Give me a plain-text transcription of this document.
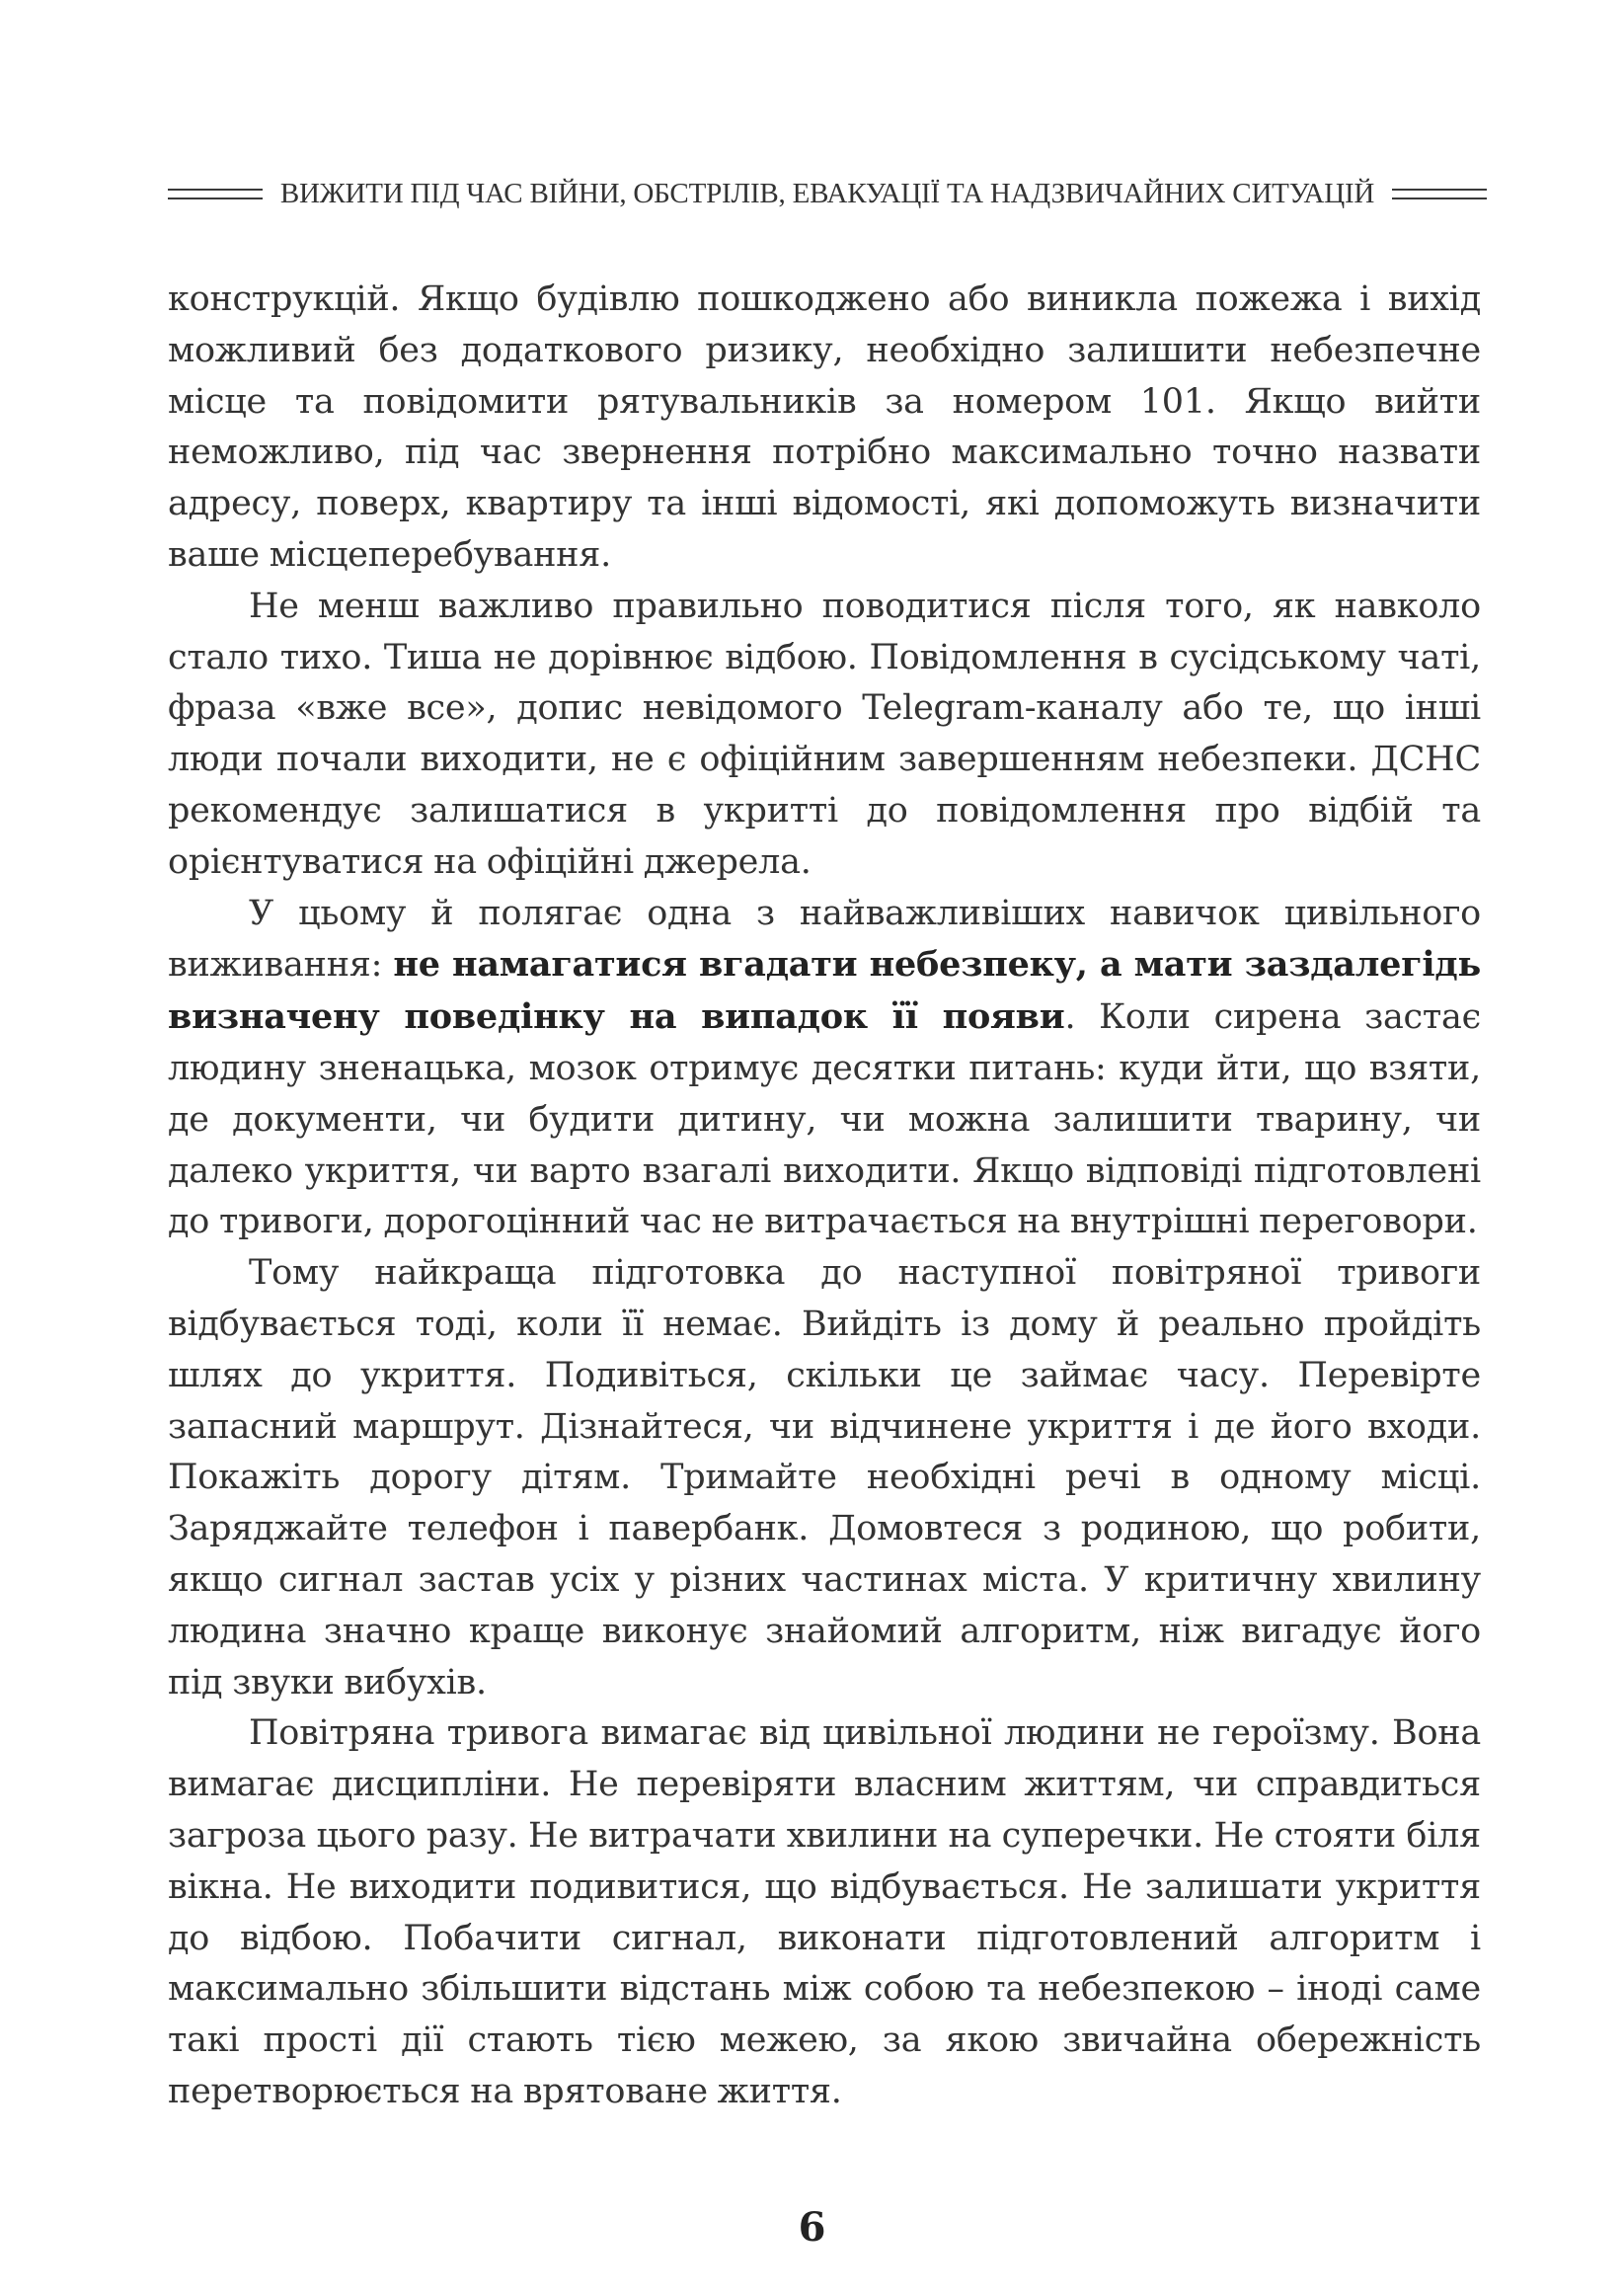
ВИЖИТИ ПІД ЧАС ВІЙНИ, ОБСТРІЛІВ, ЕВАКУАЦІЇ ТА НАДЗВИЧАЙНИХ СИТУАЦІЙ

конструкцій. Якщо будівлю пошкоджено або виникла пожежа і вихід можливий без додаткового ризику, необхідно залишити небезпечне місце та повідомити рятувальників за номером 101. Якщо вийти неможливо, під час звернення потрібно максимально точно назвати адресу, поверх, квартиру та інші відомості, які допоможуть визначити ваше місцеперебування.

Не менш важливо правильно поводитися після того, як навколо стало тихо. Тиша не дорівнює відбою. Повідомлення в сусідському чаті, фраза «вже все», допис невідомого Telegram-каналу або те, що інші люди почали виходити, не є офіційним завершенням небезпеки. ДСНС рекомендує залишатися в укритті до повідомлення про відбій та орієнтуватися на офіційні джерела.

У цьому й полягає одна з найважливіших навичок цивільного виживання: не намагатися вгадати небезпеку, а мати заздалегідь визначену поведінку на випадок її появи. Коли сирена застає людину зненацька, мозок отримує десятки питань: куди йти, що взяти, де документи, чи будити дитину, чи можна залишити тварину, чи далеко укриття, чи варто взагалі виходити. Якщо відповіді підготовлені до тривоги, дорогоцінний час не витрачається на внутрішні переговори.

Тому найкраща підготовка до наступної повітряної тривоги відбувається тоді, коли її немає. Вийдіть із дому й реально пройдіть шлях до укриття. Подивіться, скільки це займає часу. Перевірте запасний маршрут. Дізнайтеся, чи відчинене укриття і де його входи. Покажіть дорогу дітям. Тримайте необхідні речі в одному місці. Заряджайте телефон і павербанк. Домовтеся з родиною, що робити, якщо сигнал застав усіх у різних частинах міста. У критичну хвилину людина значно краще виконує знайомий алгоритм, ніж вигадує його під звуки вибухів.

Повітряна тривога вимагає від цивільної людини не героїзму. Вона вимагає дисципліни. Не перевіряти власним життям, чи справдиться загроза цього разу. Не витрачати хвилини на суперечки. Не стояти біля вікна. Не виходити подивитися, що відбувається. Не залишати укриття до відбою. Побачити сигнал, виконати підготовлений алгоритм і максимально збільшити відстань між собою та небезпекою – іноді саме такі прості дії стають тією межею, за якою звичайна обережність перетворюється на врятоване життя.

6
